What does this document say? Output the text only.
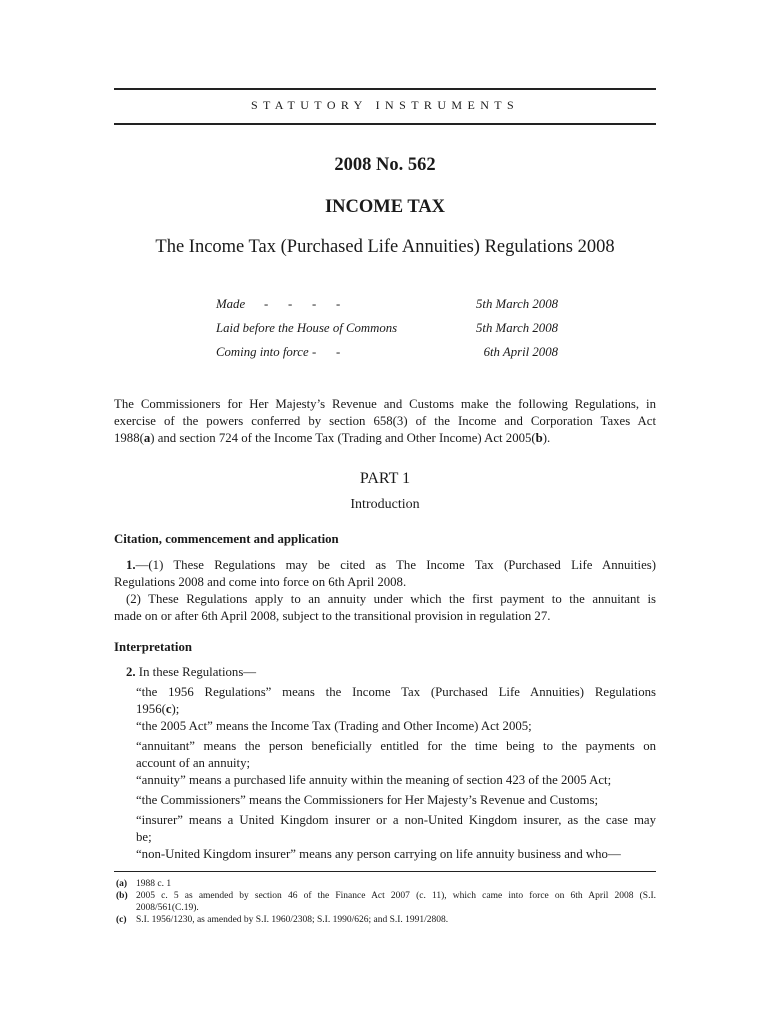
STATUTORY INSTRUMENTS
2008 No. 562
INCOME TAX
The Income Tax (Purchased Life Annuities) Regulations 2008
Made	-	-	-	-	5th March 2008
Laid before the House of Commons	5th March 2008
Coming into force	-	-	6th April 2008
The Commissioners for Her Majesty’s Revenue and Customs make the following Regulations, in
exercise of the powers conferred by section 658(3) of the Income and Corporation Taxes Act
1988(a) and section 724 of the Income Tax (Trading and Other Income) Act 2005(b).
PART 1
Introduction
Citation, commencement and application
1.—(1) These Regulations may be cited as The Income Tax (Purchased Life Annuities)
Regulations 2008 and come into force on 6th April 2008.
(2) These Regulations apply to an annuity under which the first payment to the annuitant is
made on or after 6th April 2008, subject to the transitional provision in regulation 27.
Interpretation
2. In these Regulations—
“the 1956 Regulations” means the Income Tax (Purchased Life Annuities) Regulations
1956(c);
“the 2005 Act” means the Income Tax (Trading and Other Income) Act 2005;
“annuitant” means the person beneficially entitled for the time being to the payments on
account of an annuity;
“annuity” means a purchased life annuity within the meaning of section 423 of the 2005 Act;
“the Commissioners” means the Commissioners for Her Majesty’s Revenue and Customs;
“insurer” means a United Kingdom insurer or a non-United Kingdom insurer, as the case may
be;
“non-United Kingdom insurer” means any person carrying on life annuity business and who—
(a) 1988 c. 1
(b) 2005 c. 5 as amended by section 46 of the Finance Act 2007 (c. 11), which came into force on 6th April 2008 (S.I.
2008/561(C.19).
(c) S.I. 1956/1230, as amended by S.I. 1960/2308; S.I. 1990/626; and S.I. 1991/2808.
